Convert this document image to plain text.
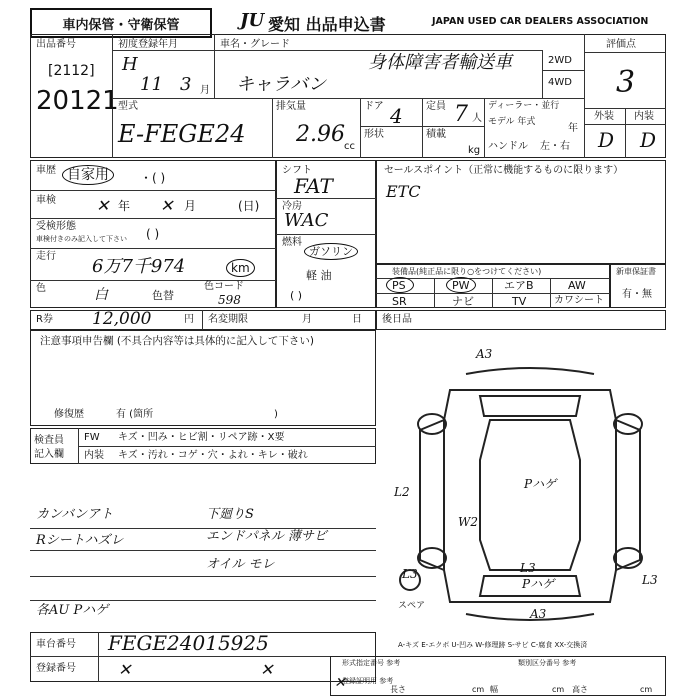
車内保管・守衛保管	JU 愛知 出品申込書	JAPAN USED CAR DEALERS ASSOCIATION
出品番号
[2112]
20121
初度登録年月
H
11 3 月
車名・グレード
身体障害者輸送車
キャラバン
2WD
4WD
評価点
3
外装 内装
D D
型式
E-FEGE24
排気量
2.96 cc
ドア 4
形状
定員 7 人
積載
kg
ディーラー・並行
モデル 年式
年
ハンドル 左・右
車歴 自家用	・( )
車検	✕ 年 ✕ 月	(日)
受検形態
車検付きのみ記入して下さい ( )
走行 6万7千974	km
色	白	色替
色コード
598
シフト
FAT
冷房
WAC
燃料
ガソリン
軽 油
( )
セールスポイント（正常に機能するものに限ります）
ETC
装備品(純正品に限り○をつけてください)
PS	PW	エアB	AW
SR	ナビ	TV	カワシート
新車保証書
有・無
R券 12,000	円 名変期限	月	日 後日品
注意事項申告欄 (不具合内容等は具体的に記入して下さい)
修復歴	有 (箇所	)
検査員 記入欄
FW キズ・凹み・ヒビ割・リペア跡・X要
内装 キズ・汚れ・コゲ・穴・よれ・キレ・破れ
カンバンアト	下廻りS
Rシートハズレ	エンドパネル 薄サビ
オイル モレ
各AU Pハゲ
車台番号 FEGE24015925
登録番号	✕	✕
A3
L2
W2
Pハゲ
L3	L3
L3
Pハゲ
A3
スペア
A-キズ E-エクボ U-凹み W-修理跡 S-サビ C-腐食 XX-交換済
形式指定番号 参考	類別区分番号 参考
登録証明用 参考
長さ	cm 幅	cm 高さ	cm
✕
